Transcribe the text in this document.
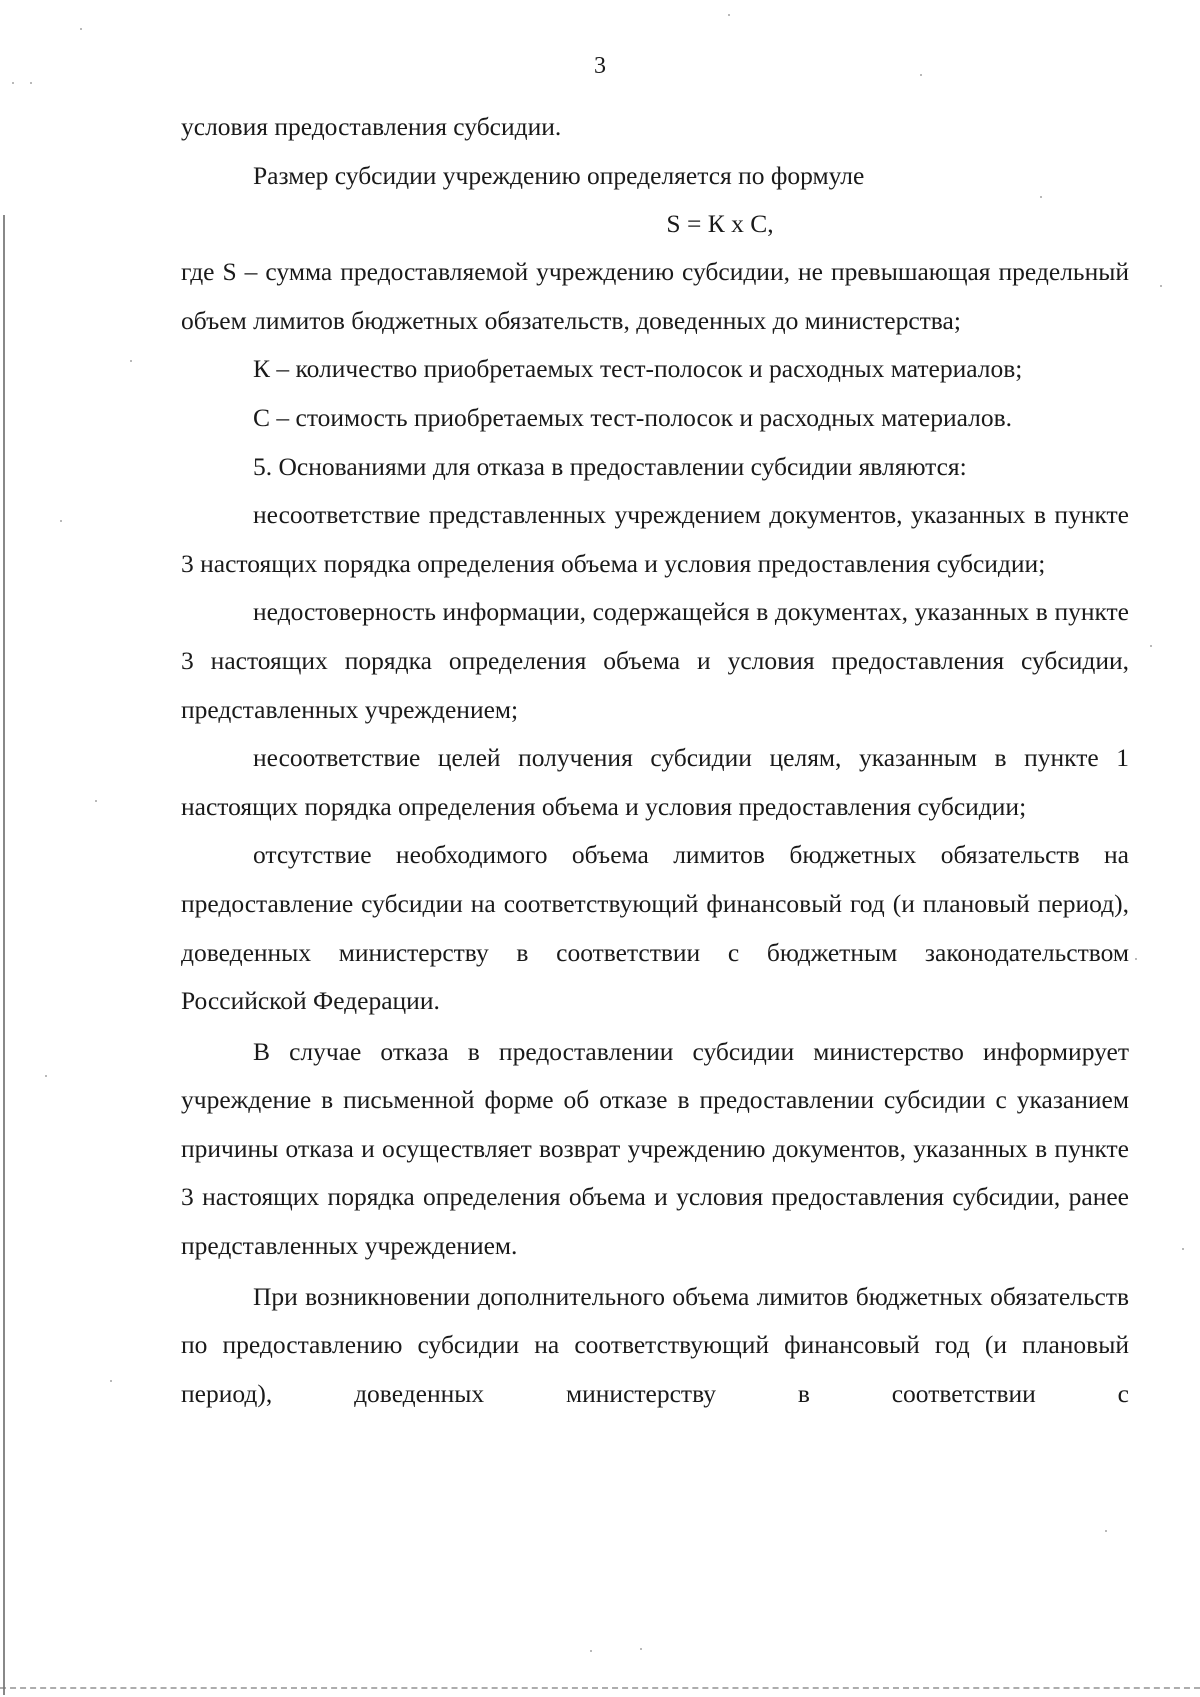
3

условия предоставления субсидии.

Размер субсидии учреждению определяется по формуле

S = К х С,

где S – сумма предоставляемой учреждению субсидии, не превышающая предельный объем лимитов бюджетных обязательств, доведенных до министерства;

К – количество приобретаемых тест-полосок и расходных материалов;

С – стоимость приобретаемых тест-полосок и расходных материалов.

5. Основаниями для отказа в предоставлении субсидии являются:

несоответствие представленных учреждением документов, указанных в пункте 3 настоящих порядка определения объема и условия предоставления субсидии;

недостоверность информации, содержащейся в документах, указанных в пункте 3 настоящих порядка определения объема и условия предоставления субсидии, представленных учреждением;

несоответствие целей получения субсидии целям, указанным в пункте 1 настоящих порядка определения объема и условия предоставления субсидии;

отсутствие необходимого объема лимитов бюджетных обязательств на предоставление субсидии на соответствующий финансовый год (и плановый период), доведенных министерству в соответствии с бюджетным законодательством Российской Федерации.

В случае отказа в предоставлении субсидии министерство информирует учреждение в письменной форме об отказе в предоставлении субсидии с указанием причины отказа и осуществляет возврат учреждению документов, указанных в пункте 3 настоящих порядка определения объема и условия предоставления субсидии, ранее представленных учреждением.

При возникновении дополнительного объема лимитов бюджетных обязательств по предоставлению субсидии на соответствующий финансовый год (и плановый период), доведенных министерству в соответствии с
